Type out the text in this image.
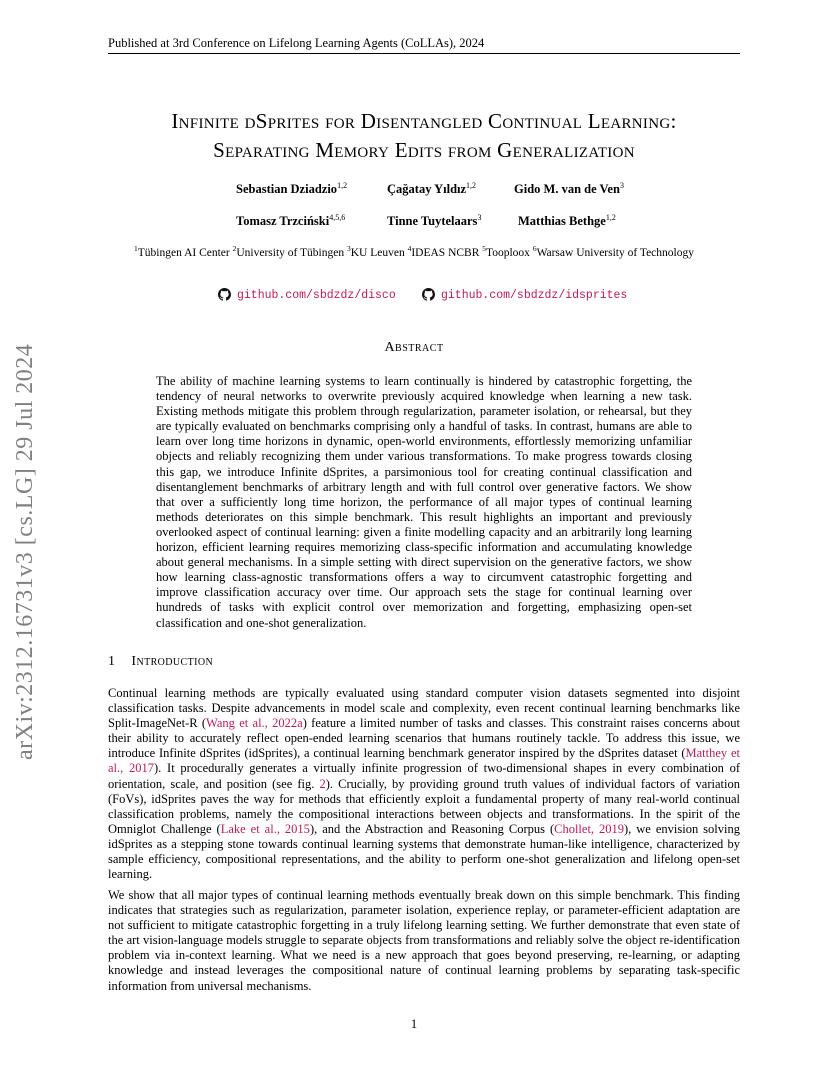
Published at 3rd Conference on Lifelong Learning Agents (CoLLAs), 2024
arXiv:2312.16731v3 [cs.LG] 29 Jul 2024
Infinite dSprites for Disentangled Continual Learning:
Separating Memory Edits from Generalization
Sebastian Dziadzio$^{1,2}$	Çağatay Yıldız$^{1,2}$	Gido M. van de Ven$^3$
Tomasz Trzciński$^{4,5,6}$	Tinne Tuytelaars$^3$	Matthias Bethge$^{1,2}$
$^1$Tübingen AI Center $^2$University of Tübingen $^3$KU Leuven $^4$IDEAS NCBR $^5$Tooploox $^6$Warsaw University of Technology
github.com/sbdzdz/disco	github.com/sbdzdz/idsprites
Abstract
The ability of machine learning systems to learn continually is hindered by catastrophic forgetting, the tendency of neural networks to overwrite previously acquired knowledge when learning a new task. Existing methods mitigate this problem through regularization, parameter isolation, or rehearsal, but they are typically evaluated on benchmarks comprising only a handful of tasks. In contrast, humans are able to learn over long time horizons in dynamic, open-world environments, effortlessly memorizing unfamiliar objects and reliably recognizing them under various transformations. To make progress towards closing this gap, we introduce Infinite dSprites, a parsimonious tool for creating continual classification and disentanglement benchmarks of arbitrary length and with full control over generative factors. We show that over a sufficiently long time horizon, the performance of all major types of continual learning methods deteriorates on this simple benchmark. This result highlights an important and previously overlooked aspect of continual learning: given a finite modelling capacity and an arbitrarily long learning horizon, efficient learning requires memorizing class-specific information and accumulating knowledge about general mechanisms. In a simple setting with direct supervision on the generative factors, we show how learning class-agnostic transformations offers a way to circumvent catastrophic forgetting and improve classification accuracy over time. Our approach sets the stage for continual learning over hundreds of tasks with explicit control over memorization and forgetting, emphasizing open-set classification and one-shot generalization.
1 Introduction
Continual learning methods are typically evaluated using standard computer vision datasets segmented into disjoint classification tasks. Despite advancements in model scale and complexity, even recent continual learning benchmarks like Split-ImageNet-R (Wang et al., 2022a) feature a limited number of tasks and classes. This constraint raises concerns about their ability to accurately reflect open-ended learning scenarios that humans routinely tackle. To address this issue, we introduce Infinite dSprites (idSprites), a continual learning benchmark generator inspired by the dSprites dataset (Matthey et al., 2017). It procedurally generates a virtually infinite progression of two-dimensional shapes in every combination of orientation, scale, and position (see fig. 2). Crucially, by providing ground truth values of individual factors of variation (FoVs), idSprites paves the way for methods that efficiently exploit a fundamental property of many real-world continual classification problems, namely the compositional interactions between objects and transformations. In the spirit of the Omniglot Challenge (Lake et al., 2015), and the Abstraction and Reasoning Corpus (Chollet, 2019), we envision solving idSprites as a stepping stone towards continual learning systems that demonstrate human-like intelligence, characterized by sample efficiency, compositional representations, and the ability to perform one-shot generalization and lifelong open-set learning.
We show that all major types of continual learning methods eventually break down on this simple benchmark. This finding indicates that strategies such as regularization, parameter isolation, experience replay, or parameter-efficient adaptation are not sufficient to mitigate catastrophic forgetting in a truly lifelong learning setting. We further demonstrate that even state of the art vision-language models struggle to separate objects from transformations and reliably solve the object re-identification problem via in-context learning. What we need is a new approach that goes beyond preserving, re-learning, or adapting knowledge and instead leverages the compositional nature of continual learning problems by separating task-specific information from universal mechanisms.
1
